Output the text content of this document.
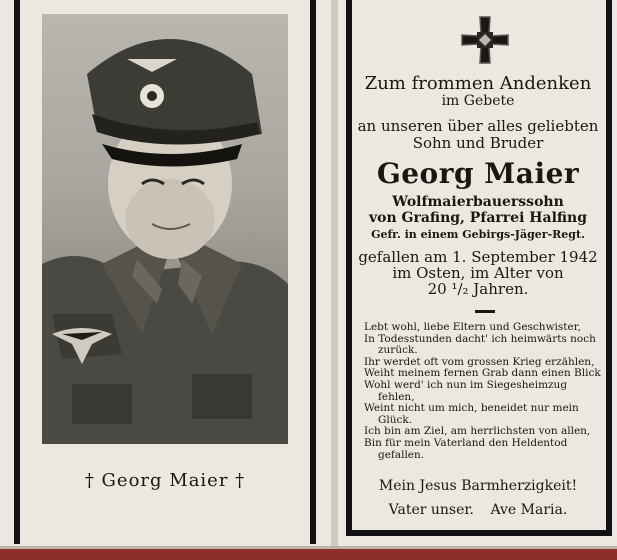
† Georg Maier †
Zum frommen Andenken
im Gebete
an unseren über alles geliebten
Sohn und Bruder
Georg Maier
Wolfmaierbauerssohn
von Grafing, Pfarrei Halfing
Gefr. in einem Gebirgs-Jäger-Regt.
gefallen am 1. September 1942
im Osten, im Alter von
20 ¹/₂ Jahren.
Lebt wohl, liebe Eltern und Geschwister,
In Todesstunden dacht' ich heimwärts noch
zurück.
Ihr werdet oft vom grossen Krieg erzählen,
Weiht meinem fernen Grab dann einen Blick
Wohl werd' ich nun im Siegesheimzug
fehlen,
Weint nicht um mich, beneidet nur mein
Glück.
Ich bin am Ziel, am herrlichsten von allen,
Bin für mein Vaterland den Heldentod
gefallen.
Mein Jesus Barmherzigkeit!
Vater unser. Ave Maria.
